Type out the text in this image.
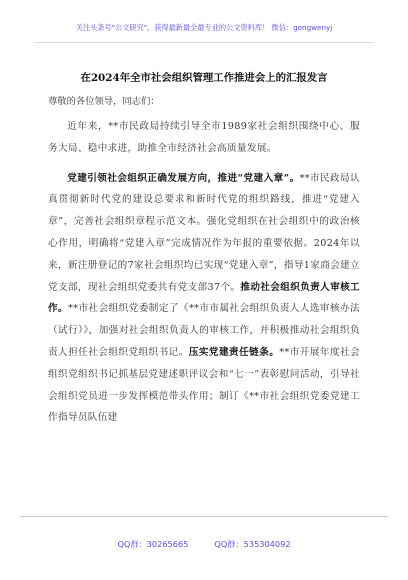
关注头条号"公文研究"，获得最新最全最专业的公文资料库！ 微信：gongwenyj
在2024年全市社会组织管理工作推进会上的汇报发言
尊敬的各位领导，同志们：

近年来，**市民政局持续引导全市1989家社会组织围绕中心、服务大局、稳中求进，助推全市经济社会高质量发展。

党建引领社会组织正确发展方向，推进“党建入章”。**市民政局认真贯彻新时代党的建设总要求和新时代党的组织路线，推进“党建入章”，完善社会组织章程示范文本。强化党组织在社会组织中的政治核心作用，明确将“党建入章”完成情况作为年报的重要依据。2024年以来，新注册登记的7家社会组织均已实现“党建入章”，指导1家商会建立党支部，现社会组织党委共有党支部37个。推动社会组织负责人审核工作。**市社会组织党委制定了《**市市属社会组织负责人人选审核办法（试行）》，加强对社会组织负责人的审核工作，并积极推动社会组织负责人担任社会组织党组织书记。压实党建责任链条。**市开展年度社会组织党组织书记抓基层党建述职评议会和“七一”表彰慰问活动，引导社会组织党员进一步发挥模范带头作用；制订《**市社会组织党委党建工作指导员队伍建

QQ群：30265665	QQ群：535304092
